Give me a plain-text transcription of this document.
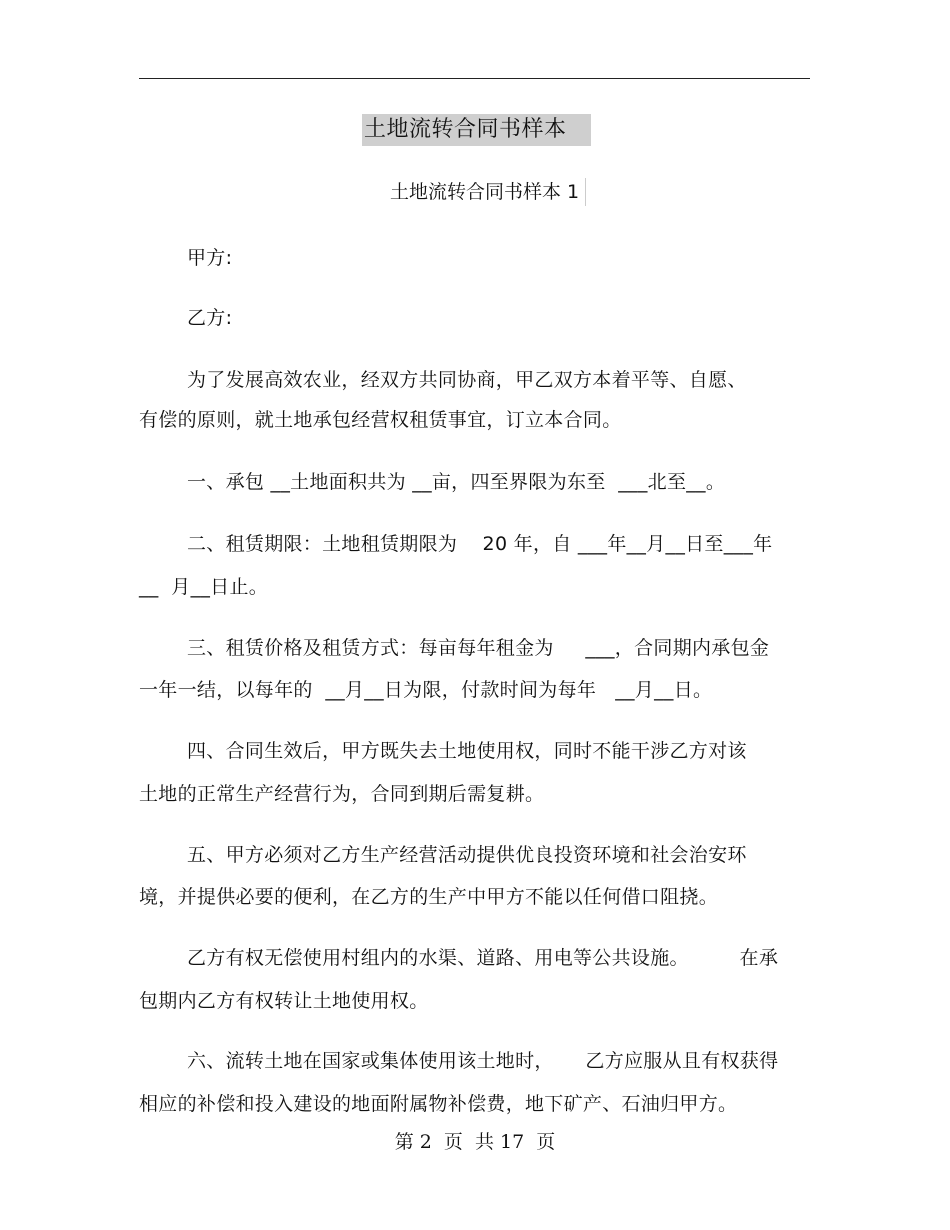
土地流转合同书样本
土地流转合同书样本 1
甲方:
乙方:
为了发展高效农业，经双方共同协商，甲乙双方本着平等、自愿、
有偿的原则，就土地承包经营权租赁事宜，订立本合同。
一、承包 __土地面积共为 __亩，四至界限为东至  ___北至__。
二、租赁期限：土地租赁期限为    20 年，自 ___年__月__日至___年
__  月__日止。
三、租赁价格及租赁方式：每亩每年租金为     ___，合同期内承包金
一年一结，以每年的  __月__日为限，付款时间为每年   __月__日。
四、合同生效后，甲方既失去土地使用权，同时不能干涉乙方对该
土地的正常生产经营行为，合同到期后需复耕。
五、甲方必须对乙方生产经营活动提供优良投资环境和社会治安环
境，并提供必要的便利，在乙方的生产中甲方不能以任何借口阻挠。
乙方有权无偿使用村组内的水渠、道路、用电等公共设施。        在承
包期内乙方有权转让土地使用权。
六、流转土地在国家或集体使用该土地时，     乙方应服从且有权获得
相应的补偿和投入建设的地面附属物补偿费，地下矿产、石油归甲方。
第 2  页  共 17  页
